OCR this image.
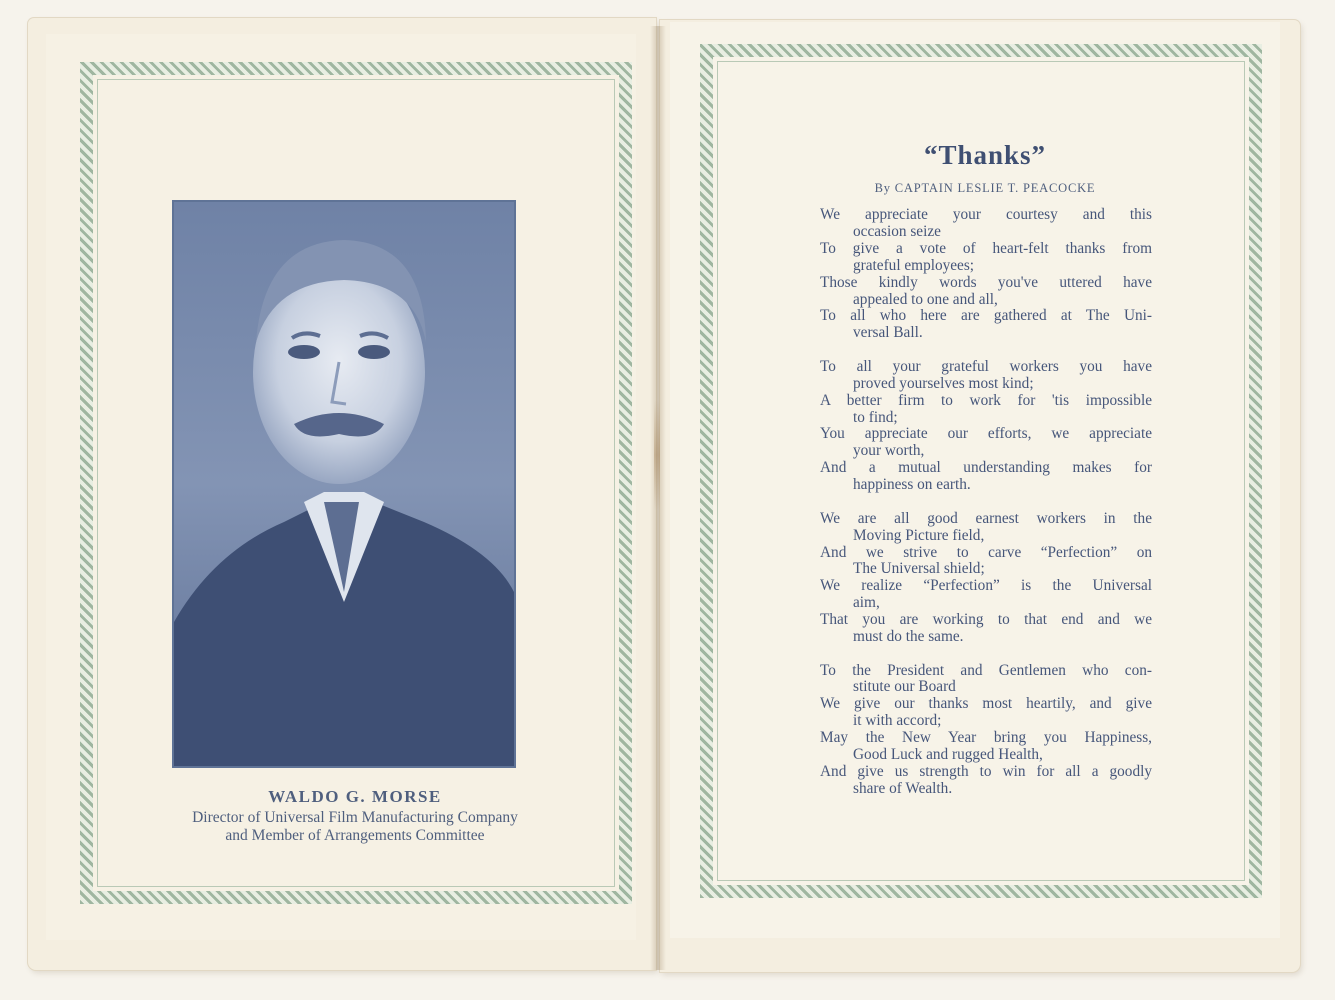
WALDO G. MORSE
Director of Universal Film Manufacturing Company
and Member of Arrangements Committee
“Thanks”
By CAPTAIN LESLIE T. PEACOCKE
We appreciate your courtesy and this
occasion seize
To give a vote of heart-felt thanks from
grateful employees;
Those kindly words you've uttered have
appealed to one and all,
To all who here are gathered at The Uni-
versal Ball.
To all your grateful workers you have
proved yourselves most kind;
A better firm to work for 'tis impossible
to find;
You appreciate our efforts, we appreciate
your worth,
And a mutual understanding makes for
happiness on earth.
We are all good earnest workers in the
Moving Picture field,
And we strive to carve “Perfection” on
The Universal shield;
We realize “Perfection” is the Universal
aim,
That you are working to that end and we
must do the same.
To the President and Gentlemen who con-
stitute our Board
We give our thanks most heartily, and give
it with accord;
May the New Year bring you Happiness,
Good Luck and rugged Health,
And give us strength to win for all a goodly
share of Wealth.
